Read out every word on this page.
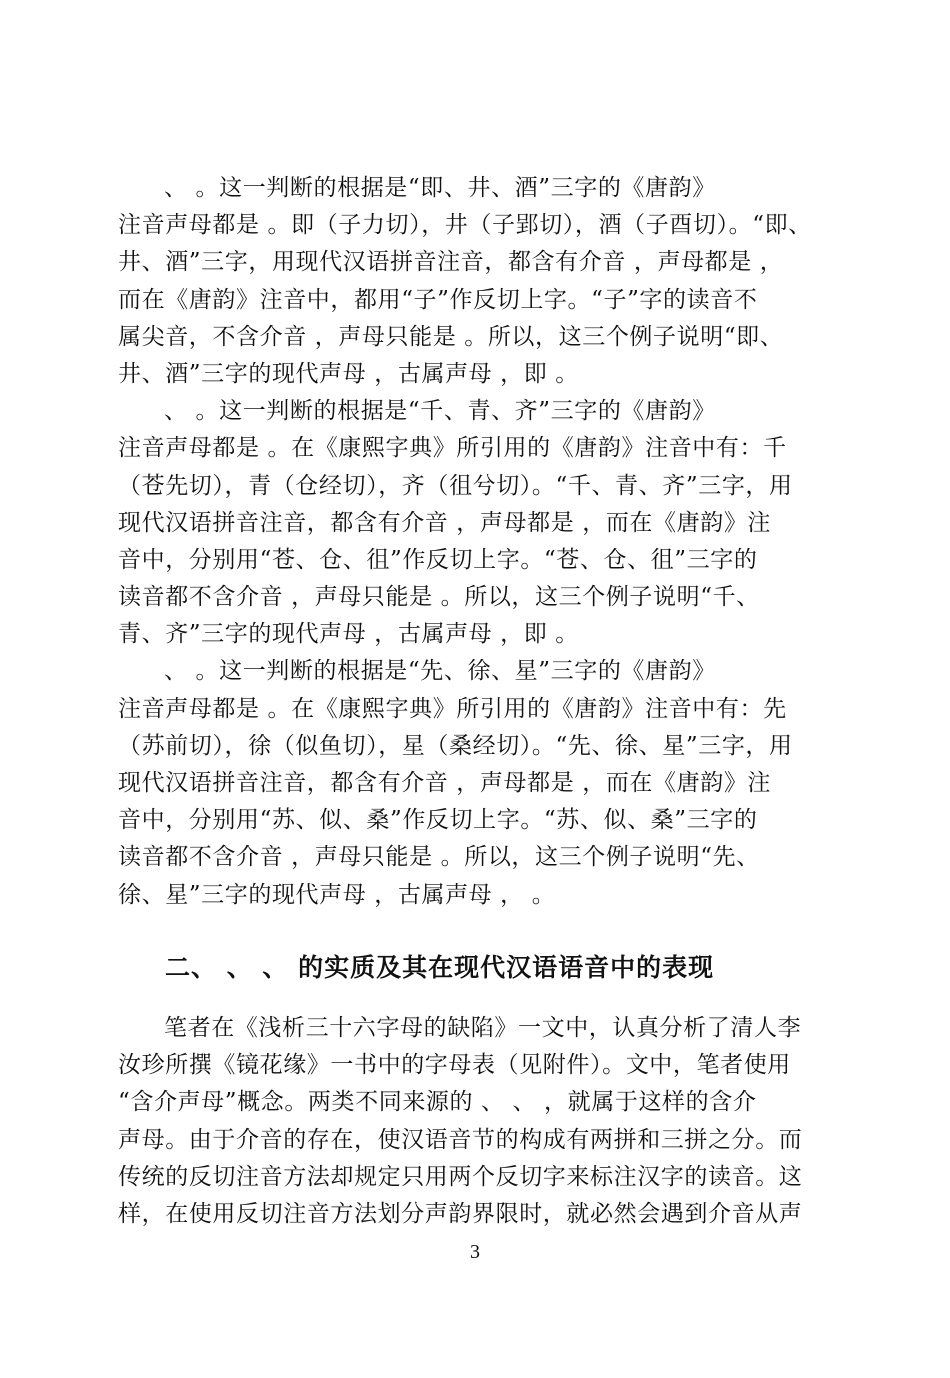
、 。这一判断的根据是“即、井、酒”三字的《唐韵》
注音声母都是 。即（子力切），井（子郢切），酒（子酉切）。“即、
井、酒”三字，用现代汉语拼音注音，都含有介音 ，声母都是 ，
而在《唐韵》注音中，都用“子”作反切上字。“子”字的读音不
属尖音，不含介音 ，声母只能是 。所以，这三个例子说明“即、
井、酒”三字的现代声母 ，古属声母 ，即 。
、 。这一判断的根据是“千、青、齐”三字的《唐韵》
注音声母都是 。在《康熙字典》所引用的《唐韵》注音中有：千
（苍先切），青（仓经切），齐（徂兮切）。“千、青、齐”三字，用
现代汉语拼音注音，都含有介音 ，声母都是 ，而在《唐韵》注
音中，分别用“苍、仓、徂”作反切上字。“苍、仓、徂”三字的
读音都不含介音 ，声母只能是 。所以，这三个例子说明“千、
青、齐”三字的现代声母 ，古属声母 ，即 。
、 。这一判断的根据是“先、徐、星”三字的《唐韵》
注音声母都是 。在《康熙字典》所引用的《唐韵》注音中有：先
（苏前切），徐（似鱼切），星（桑经切）。“先、徐、星”三字，用
现代汉语拼音注音，都含有介音 ，声母都是 ，而在《唐韵》注
音中，分别用“苏、似、桑”作反切上字。“苏、似、桑”三字的
读音都不含介音 ，声母只能是 。所以，这三个例子说明“先、
徐、星”三字的现代声母 ，古属声母 ， 。
二、 、 、 的实质及其在现代汉语语音中的表现
笔者在《浅析三十六字母的缺陷》一文中，认真分析了清人李
汝珍所撰《镜花缘》一书中的字母表（见附件）。文中，笔者使用
“含介声母”概念。两类不同来源的 、 、 ，就属于这样的含介
声母。由于介音的存在，使汉语音节的构成有两拼和三拼之分。而
传统的反切注音方法却规定只用两个反切字来标注汉字的读音。这
样，在使用反切注音方法划分声韵界限时，就必然会遇到介音从声
3
